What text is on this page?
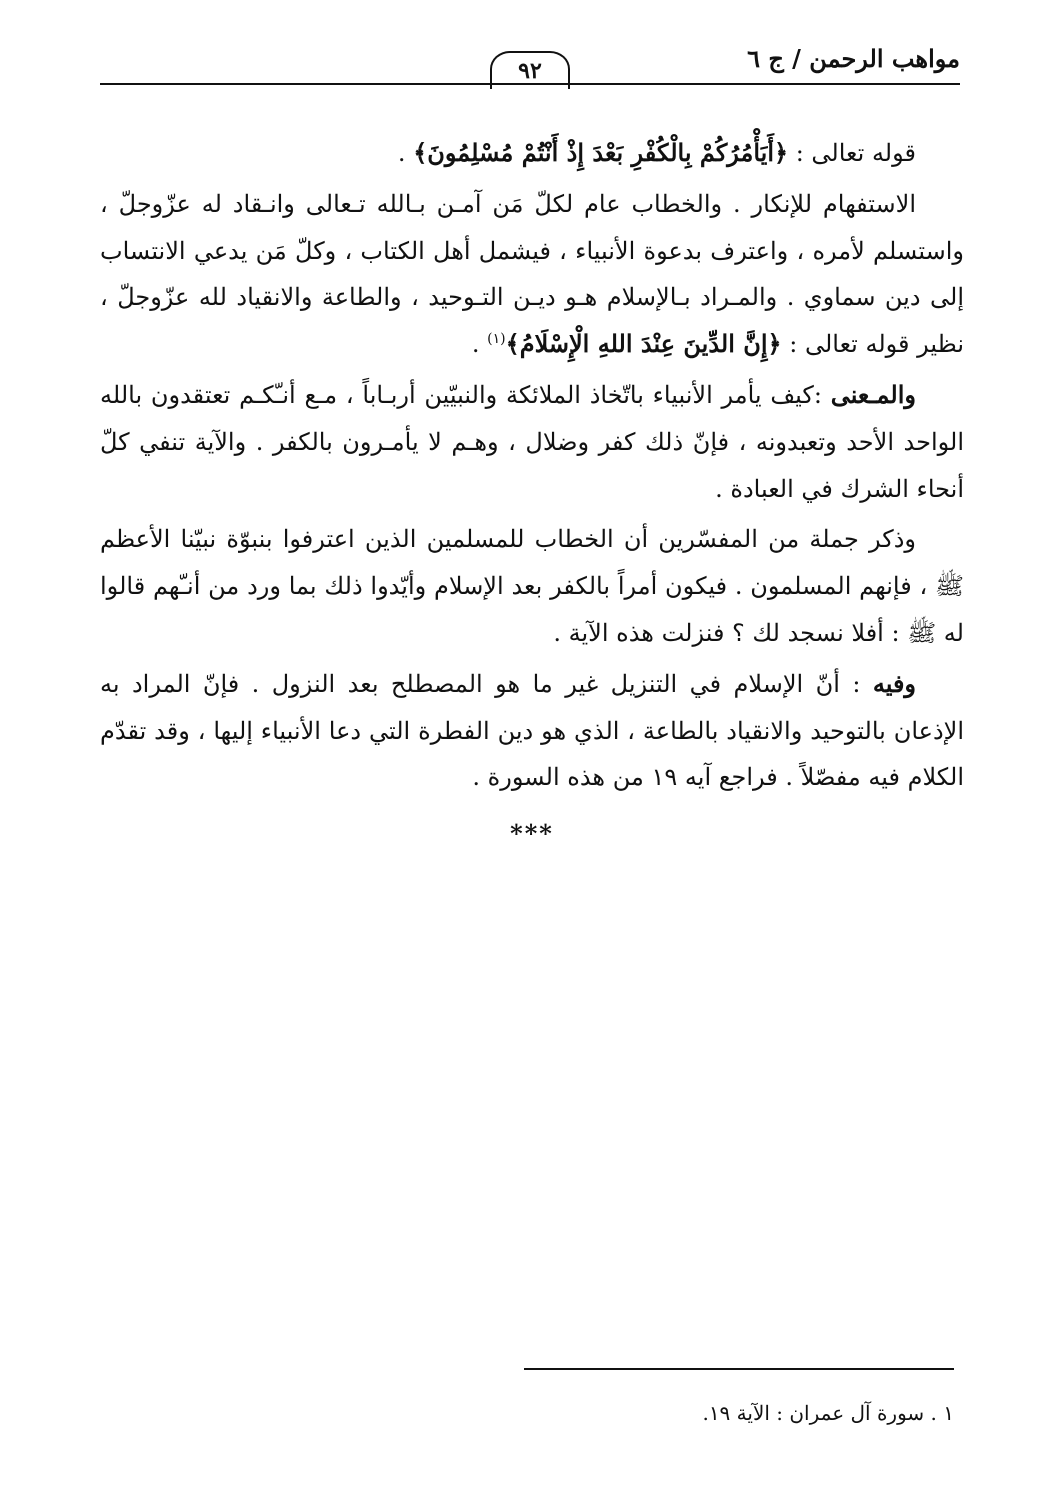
مواهب الرحمن / ج ٦
٩٢

قوله تعالى : ﴿أَيَأْمُرُكُمْ بِالْكُفْرِ بَعْدَ إِذْ أَنْتُمْ مُسْلِمُونَ﴾ .

الاستفهام للإنكار . والخطاب عام لكلّ مَن آمـن بـالله تـعالى وانـقاد له عزّوجلّ ، واستسلم لأمره ، واعترف بدعوة الأنبياء ، فيشمل أهل الكتاب ، وكلّ مَن يدعي الانتساب إلى دين سماوي . والمـراد بـالإسلام هـو ديـن التـوحيد ، والطاعة والانقياد لله عزّوجلّ ، نظير قوله تعالى : ﴿إِنَّ الدِّينَ عِنْدَ اللهِ الْإِسْلَامُ﴾$^{(١)}$ .

والمـعنى :كيف يأمر الأنبياء باتّخاذ الملائكة والنبيّين أربـاباً ، مـع أنـّكـم تعتقدون بالله الواحد الأحد وتعبدونه ، فإنّ ذلك كفر وضلال ، وهـم لا يأمـرون بالكفر . والآية تنفي كلّ أنحاء الشرك في العبادة .

وذكر جملة من المفسّرين أن الخطاب للمسلمين الذين اعترفوا بنبوّة نبيّنا الأعظم ﷺ ، فإنهم المسلمون . فيكون أمراً بالكفر بعد الإسلام وأيّدوا ذلك بما ورد من أنـّهم قالوا له ﷺ : أفلا نسجد لك ؟ فنزلت هذه الآية .

وفيه : أنّ الإسلام في التنزيل غير ما هو المصطلح بعد النزول . فإنّ المراد به الإذعان بالتوحيد والانقياد بالطاعة ، الذي هو دين الفطرة التي دعا الأنبياء إليها ، وقد تقدّم الكلام فيه مفصّلاً . فراجع آيه ١٩ من هذه السورة .

***
١ . سورة آل عمران : الآية ١٩.
